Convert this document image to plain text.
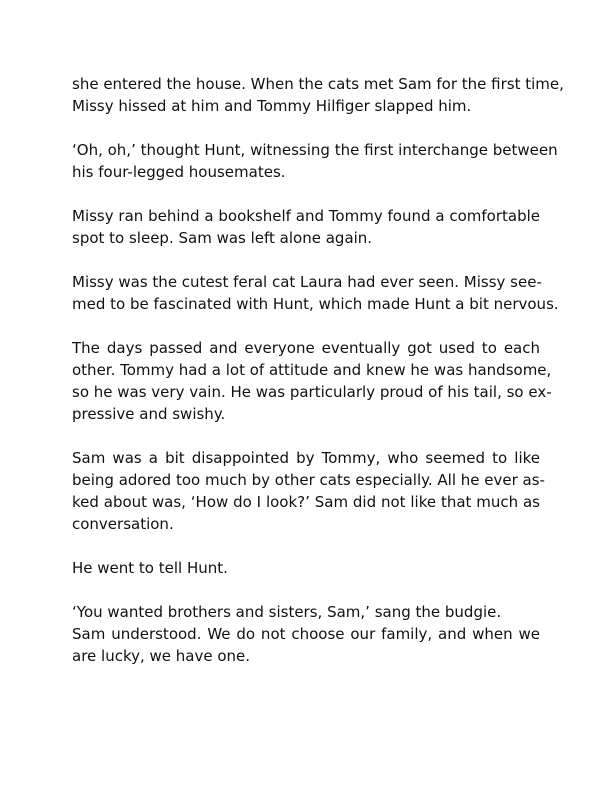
she entered the house. When the cats met Sam for the first time,
Missy hissed at him and Tommy Hilfiger slapped him.
‘Oh, oh,’ thought Hunt, witnessing the first interchange between
his four-legged housemates.
Missy ran behind a bookshelf and Tommy found a comfortable
spot to sleep. Sam was left alone again.
Missy was the cutest feral cat Laura had ever seen. Missy see-
med to be fascinated with Hunt, which made Hunt a bit nervous.
The days passed and everyone eventually got used to each
other. Tommy had a lot of attitude and knew he was handsome,
so he was very vain. He was particularly proud of his tail, so ex-
pressive and swishy.
Sam was a bit disappointed by Tommy, who seemed to like
being adored too much by other cats especially. All he ever as-
ked about was, ‘How do I look?’ Sam did not like that much as
conversation.
He went to tell Hunt.
‘You wanted brothers and sisters, Sam,’ sang the budgie.
Sam understood. We do not choose our family, and when we
are lucky, we have one.
